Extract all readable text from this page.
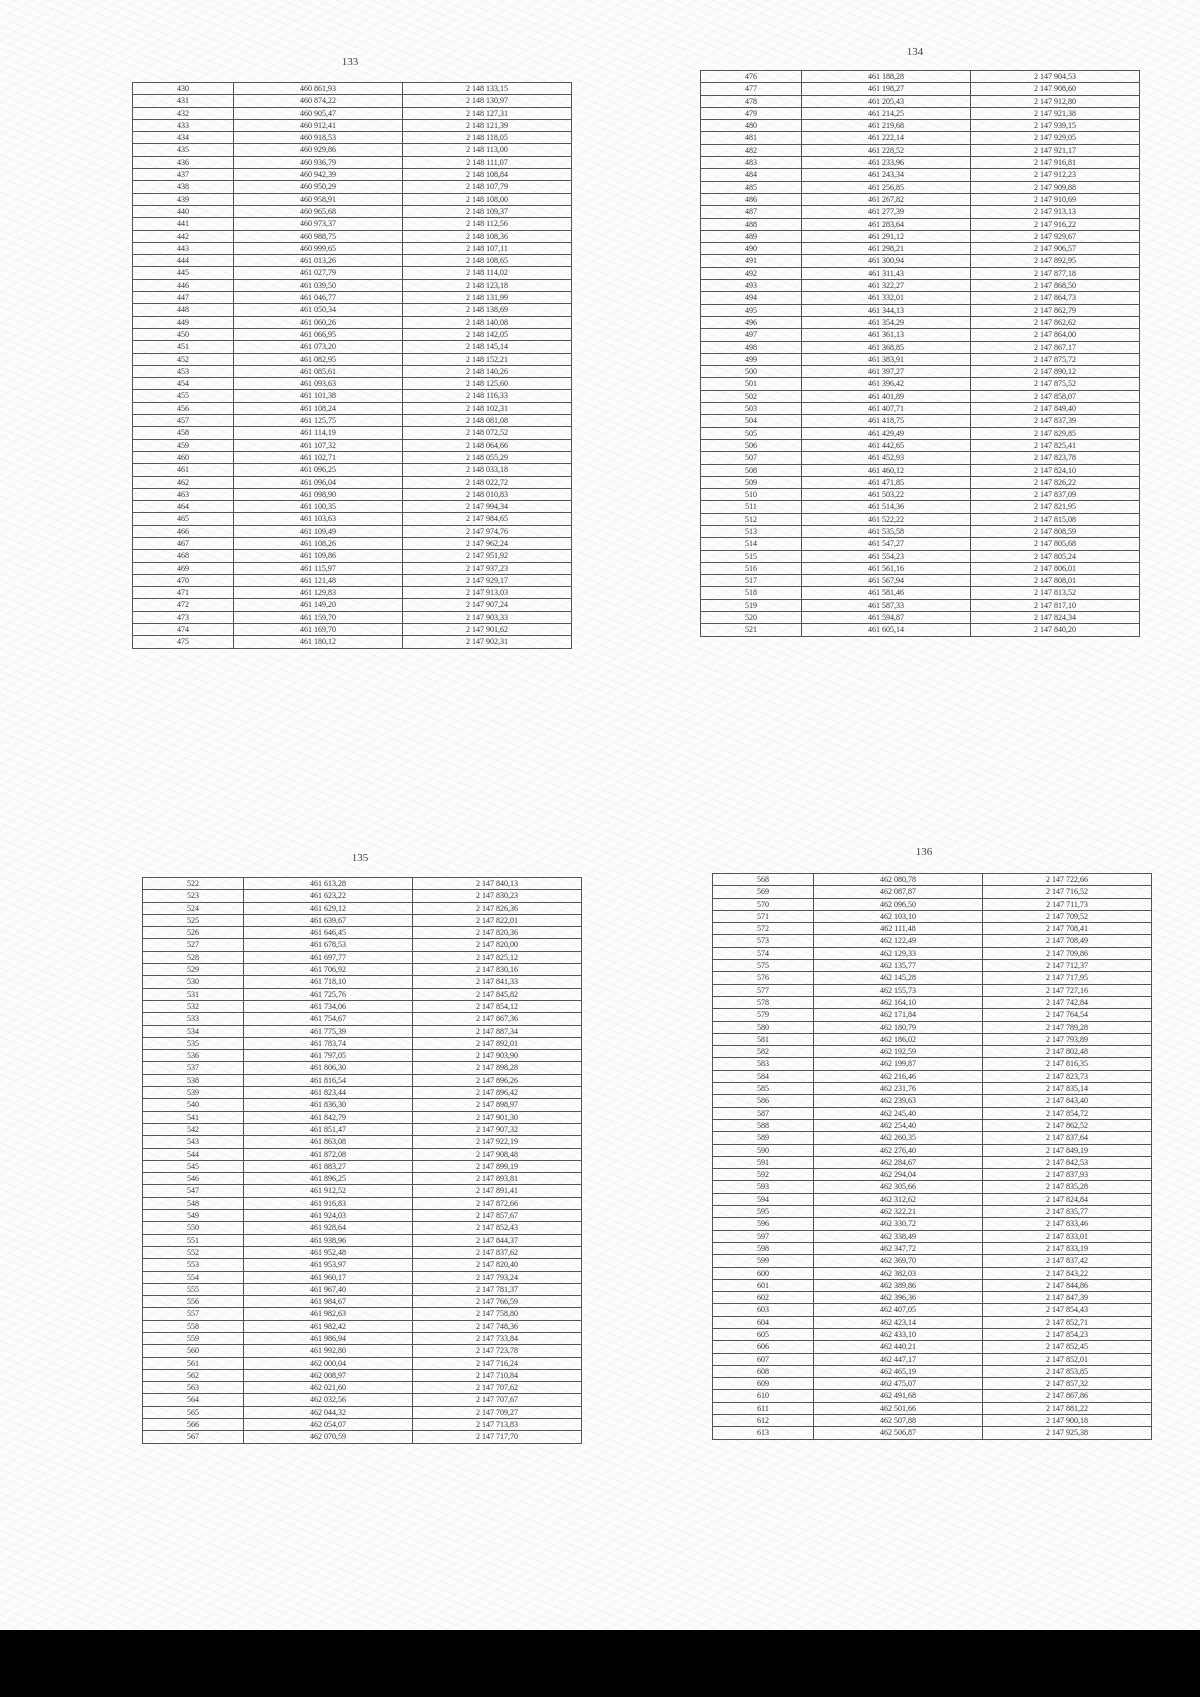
133
430	460 861,93	2 148 133,15
431	460 874,22	2 148 130,97
432	460 905,47	2 148 127,31
433	460 912,41	2 148 121,39
434	460 918,53	2 148 118,05
435	460 929,86	2 148 113,00
436	460 936,79	2 148 111,07
437	460 942,39	2 148 108,84
438	460 950,29	2 148 107,79
439	460 958,91	2 148 108,00
440	460 965,68	2 148 109,37
441	460 973,37	2 148 112,56
442	460 988,75	2 148 108,36
443	460 999,65	2 148 107,11
444	461 013,26	2 148 108,65
445	461 027,79	2 148 114,02
446	461 039,50	2 148 123,18
447	461 046,77	2 148 131,99
448	461 050,34	2 148 138,69
449	461 060,26	2 148 140,08
450	461 066,95	2 148 142,05
451	461 073,20	2 148 145,14
452	461 082,95	2 148 152,21
453	461 085,61	2 148 140,26
454	461 093,63	2 148 125,60
455	461 101,38	2 148 116,33
456	461 108,24	2 148 102,31
457	461 125,75	2 148 081,08
458	461 114,19	2 148 072,52
459	461 107,32	2 148 064,66
460	461 102,71	2 148 055,29
461	461 096,25	2 148 033,18
462	461 096,04	2 148 022,72
463	461 098,90	2 148 010,83
464	461 100,35	2 147 994,34
465	461 103,63	2 147 984,65
466	461 109,49	2 147 974,76
467	461 108,26	2 147 962,24
468	461 109,86	2 147 951,92
469	461 115,97	2 147 937,23
470	461 121,48	2 147 929,17
471	461 129,83	2 147 913,03
472	461 149,20	2 147 907,24
473	461 159,70	2 147 903,33
474	461 169,70	2 147 901,62
475	461 180,12	2 147 902,31
134
476	461 188,28	2 147 904,53
477	461 198,27	2 147 908,60
478	461 205,43	2 147 912,80
479	461 214,25	2 147 921,38
480	461 219,68	2 147 939,15
481	461 222,14	2 147 929,05
482	461 228,52	2 147 921,17
483	461 233,96	2 147 916,81
484	461 243,34	2 147 912,23
485	461 256,85	2 147 909,88
486	461 267,82	2 147 910,69
487	461 277,39	2 147 913,13
488	461 283,64	2 147 916,22
489	461 291,12	2 147 929,67
490	461 298,21	2 147 906,57
491	461 300,94	2 147 892,95
492	461 311,43	2 147 877,18
493	461 322,27	2 147 868,50
494	461 332,01	2 147 864,73
495	461 344,13	2 147 862,79
496	461 354,29	2 147 862,62
497	461 361,13	2 147 864,00
498	461 368,85	2 147 867,17
499	461 383,91	2 147 875,72
500	461 397,27	2 147 890,12
501	461 396,42	2 147 875,52
502	461 401,89	2 147 858,07
503	461 407,71	2 147 849,40
504	461 418,75	2 147 837,39
505	461 429,49	2 147 829,85
506	461 442,65	2 147 825,41
507	461 452,93	2 147 823,78
508	461 460,12	2 147 824,10
509	461 471,85	2 147 826,22
510	461 503,22	2 147 837,09
511	461 514,36	2 147 821,95
512	461 522,22	2 147 815,08
513	461 535,58	2 147 808,59
514	461 547,27	2 147 805,68
515	461 554,23	2 147 805,24
516	461 561,16	2 147 806,01
517	461 567,94	2 147 808,01
518	461 581,46	2 147 813,52
519	461 587,33	2 147 817,10
520	461 594,87	2 147 824,34
521	461 605,14	2 147 840,20
135
522	461 613,28	2 147 840,13
523	461 623,22	2 147 830,23
524	461 629,12	2 147 826,36
525	461 639,67	2 147 822,01
526	461 646,45	2 147 820,36
527	461 678,53	2 147 820,00
528	461 697,77	2 147 825,12
529	461 706,92	2 147 830,16
530	461 718,10	2 147 841,33
531	461 725,76	2 147 845,82
532	461 734,06	2 147 854,12
533	461 754,67	2 147 867,36
534	461 775,39	2 147 887,34
535	461 783,74	2 147 892,01
536	461 797,05	2 147 903,90
537	461 806,30	2 147 898,28
538	461 816,54	2 147 896,26
539	461 823,44	2 147 896,42
540	461 836,30	2 147 898,97
541	461 842,79	2 147 901,30
542	461 851,47	2 147 907,32
543	461 863,08	2 147 922,19
544	461 872,08	2 147 908,48
545	461 883,27	2 147 899,19
546	461 896,25	2 147 893,81
547	461 912,52	2 147 891,41
548	461 916,83	2 147 872,66
549	461 924,03	2 147 857,67
550	461 928,64	2 147 852,43
551	461 938,96	2 147 844,37
552	461 952,48	2 147 837,62
553	461 953,97	2 147 820,40
554	461 960,17	2 147 793,24
555	461 967,40	2 147 781,37
556	461 984,67	2 147 766,59
557	461 982,63	2 147 758,80
558	461 982,42	2 147 748,36
559	461 986,94	2 147 733,84
560	461 992,80	2 147 723,78
561	462 000,04	2 147 716,24
562	462 008,97	2 147 710,84
563	462 021,60	2 147 707,62
564	462 032,56	2 147 707,67
565	462 044,32	2 147 709,27
566	462 054,07	2 147 713,83
567	462 070,59	2 147 717,70
136
568	462 080,78	2 147 722,66
569	462 087,87	2 147 716,52
570	462 096,50	2 147 711,73
571	462 103,10	2 147 709,52
572	462 111,48	2 147 708,41
573	462 122,49	2 147 708,49
574	462 129,33	2 147 709,86
575	462 135,77	2 147 712,37
576	462 145,28	2 147 717,95
577	462 155,73	2 147 727,16
578	462 164,10	2 147 742,84
579	462 171,84	2 147 764,54
580	462 180,79	2 147 789,28
581	462 186,02	2 147 793,89
582	462 192,59	2 147 802,48
583	462 199,87	2 147 816,35
584	462 216,46	2 147 823,73
585	462 231,76	2 147 835,14
586	462 239,63	2 147 843,40
587	462 245,40	2 147 854,72
588	462 254,40	2 147 862,52
589	462 260,35	2 147 837,64
590	462 276,40	2 147 849,19
591	462 284,67	2 147 842,53
592	462 294,04	2 147 837,93
593	462 305,66	2 147 835,28
594	462 312,62	2 147 824,84
595	462 322,21	2 147 835,77
596	462 330,72	2 147 833,46
597	462 338,49	2 147 833,01
598	462 347,72	2 147 833,19
599	462 369,70	2 147 837,42
600	462 382,03	2 147 843,22
601	462 389,86	2 147 844,86
602	462 396,36	2 147 847,39
603	462 407,05	2 147 854,43
604	462 423,14	2 147 852,71
605	462 433,10	2 147 854,23
606	462 440,21	2 147 852,45
607	462 447,17	2 147 852,01
608	462 465,19	2 147 853,85
609	462 475,07	2 147 857,32
610	462 491,68	2 147 867,86
611	462 501,66	2 147 881,22
612	462 507,88	2 147 900,18
613	462 506,87	2 147 925,38
